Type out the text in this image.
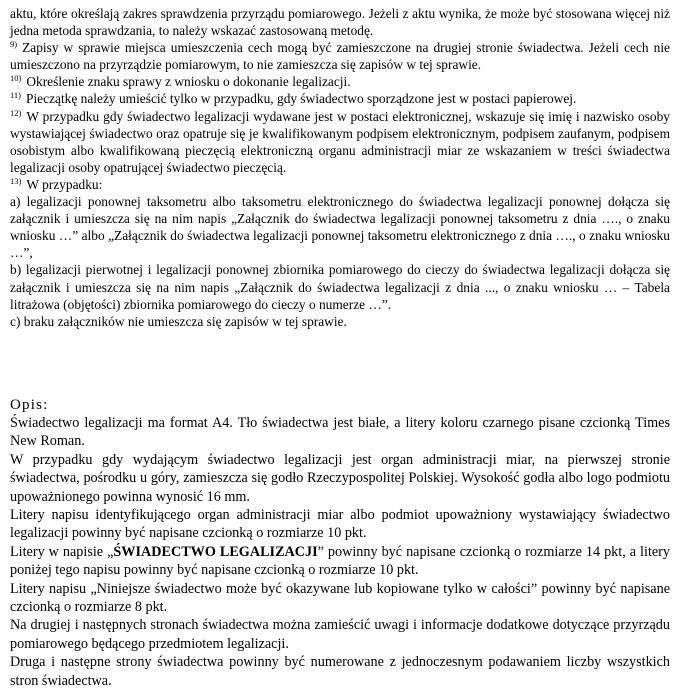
aktu, które określają zakres sprawdzenia przyrządu pomiarowego. Jeżeli z aktu wynika, że może być stosowana więcej niż jedna metoda sprawdzania, to należy wskazać zastosowaną metodę.

$^{9)}$ Zapisy w sprawie miejsca umieszczenia cech mogą być zamieszczone na drugiej stronie świadectwa. Jeżeli cech nie umieszczono na przyrządzie pomiarowym, to nie zamieszcza się zapisów w tej sprawie.

$^{10)}$ Określenie znaku sprawy z wniosku o dokonanie legalizacji.

$^{11)}$ Pieczątkę należy umieścić tylko w przypadku, gdy świadectwo sporządzone jest w postaci papierowej.

$^{12)}$ W przypadku gdy świadectwo legalizacji wydawane jest w postaci elektronicznej, wskazuje się imię i nazwisko osoby wystawiającej świadectwo oraz opatruje się je kwalifikowanym podpisem elektronicznym, podpisem zaufanym, podpisem osobistym albo kwalifikowaną pieczęcią elektroniczną organu administracji miar ze wskazaniem w treści świadectwa legalizacji osoby opatrującej świadectwo pieczęcią.

$^{13)}$ W przypadku:

a) legalizacji ponownej taksometru albo taksometru elektronicznego do świadectwa legalizacji ponownej dołącza się załącznik i umieszcza się na nim napis „Załącznik do świadectwa legalizacji ponownej taksometru z dnia …., o znaku wniosku …” albo „Załącznik do świadectwa legalizacji ponownej taksometru elektronicznego z dnia …., o znaku wniosku …”,

b) legalizacji pierwotnej i legalizacji ponownej zbiornika pomiarowego do cieczy do świadectwa legalizacji dołącza się załącznik i umieszcza się na nim napis „Załącznik do świadectwa legalizacji z dnia ..., o znaku wniosku … – Tabela litrażowa (objętości) zbiornika pomiarowego do cieczy o numerze …”.

c) braku załączników nie umieszcza się zapisów w tej sprawie.

Opis:

Świadectwo legalizacji ma format A4. Tło świadectwa jest białe, a litery koloru czarnego pisane czcionką Times New Roman.

W przypadku gdy wydającym świadectwo legalizacji jest organ administracji miar, na pierwszej stronie świadectwa, pośrodku u góry, zamieszcza się godło Rzeczypospolitej Polskiej. Wysokość godła albo logo podmiotu upoważnionego powinna wynosić 16 mm.

Litery napisu identyfikującego organ administracji miar albo podmiot upoważniony wystawiający świadectwo legalizacji powinny być napisane czcionką o rozmiarze 10 pkt.

Litery w napisie „ŚWIADECTWO LEGALIZACJI” powinny być napisane czcionką o rozmiarze 14 pkt, a litery poniżej tego napisu powinny być napisane czcionką o rozmiarze 10 pkt.

Litery napisu „Niniejsze świadectwo może być okazywane lub kopiowane tylko w całości” powinny być napisane czcionką o rozmiarze 8 pkt.

Na drugiej i następnych stronach świadectwa można zamieścić uwagi i informacje dodatkowe dotyczące przyrządu pomiarowego będącego przedmiotem legalizacji.

Druga i następne strony świadectwa powinny być numerowane z jednoczesnym podawaniem liczby wszystkich stron świadectwa.
